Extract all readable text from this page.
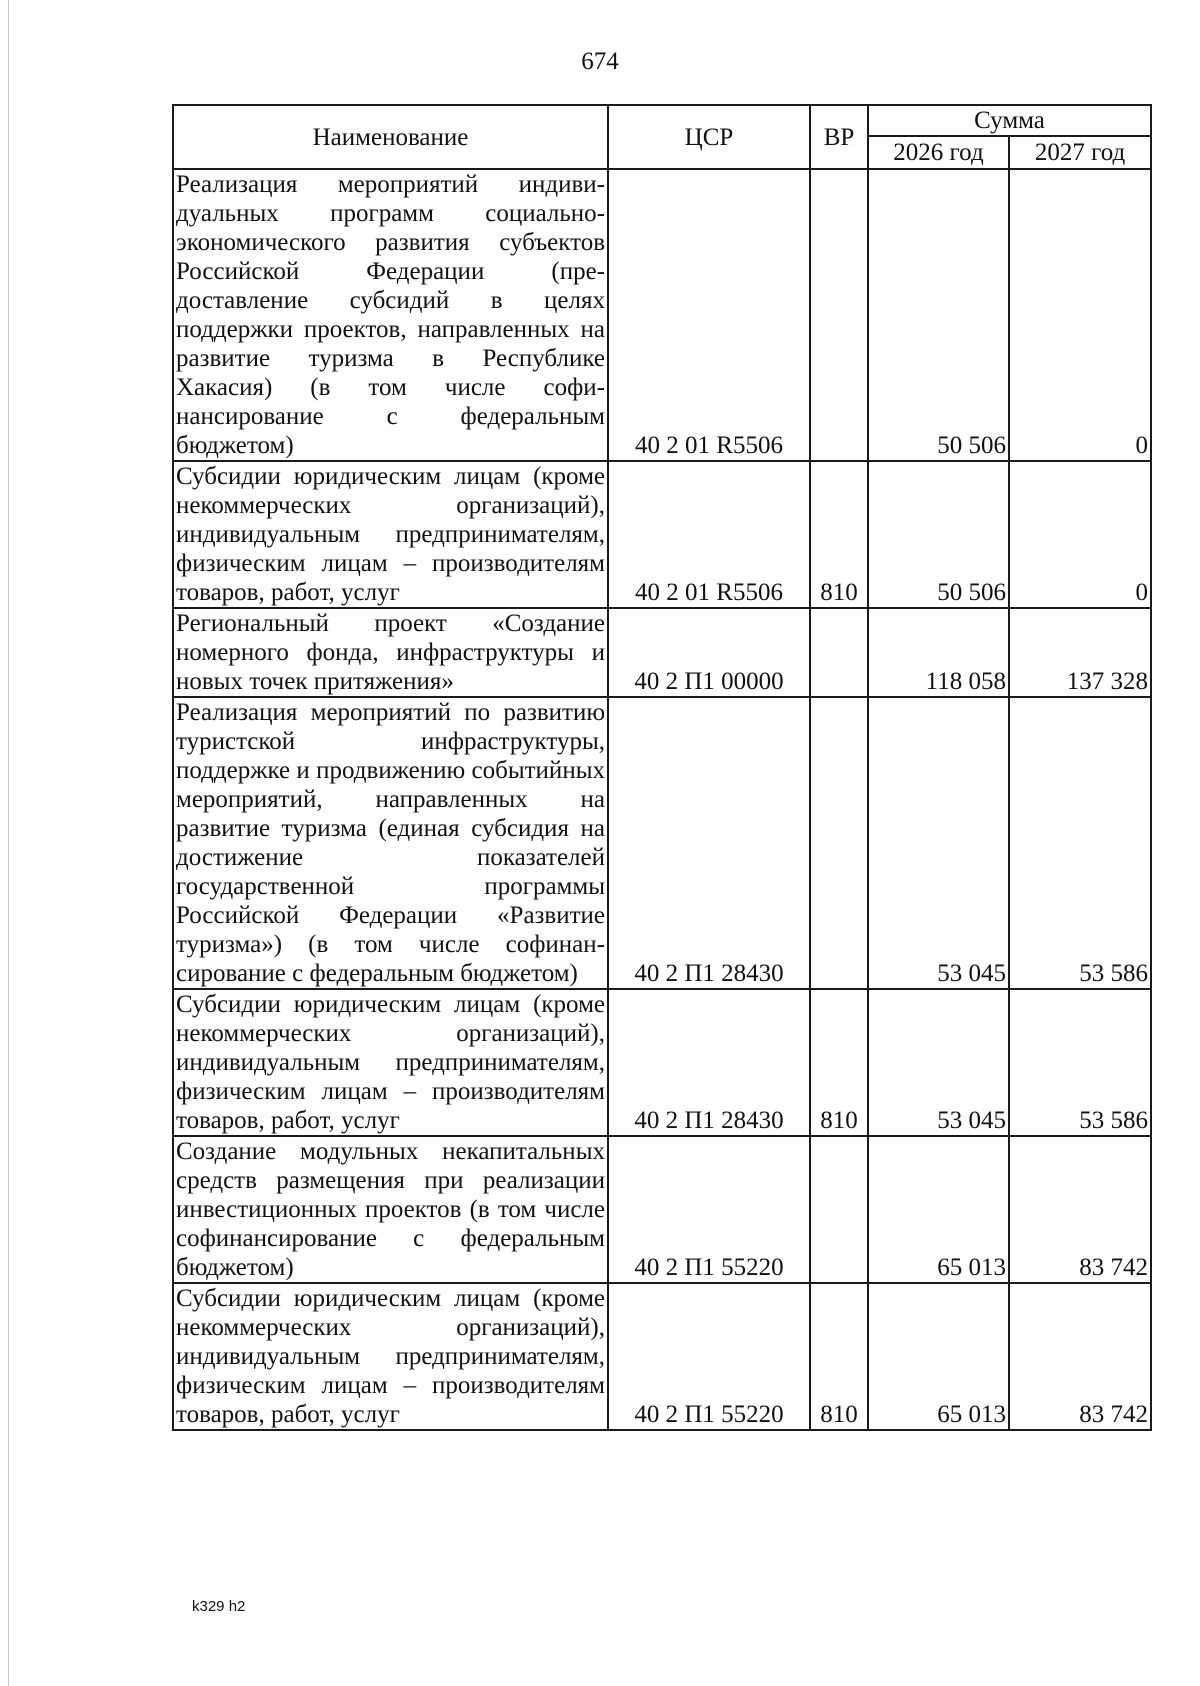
674
Наименование	ЦСР	ВР	Сумма	
			2026 год	2027 год
Реализация мероприятий индивидуальных программ социально-экономического развития субъектов Российской Федерации (предоставление субсидий в целях поддержки проектов, направленных на развитие туризма в Республике Хакасия) (в том числе софинансирование с федеральным бюджетом)	40 2 01 R5506		50 506	0
Субсидии юридическим лицам (кроме некоммерческих организаций), индивидуальным предпринимателям, физическим лицам – производителям товаров, работ, услуг	40 2 01 R5506	810	50 506	0
Региональный проект «Создание номерного фонда, инфраструктуры и новых точек притяжения»	40 2 П1 00000		118 058	137 328
Реализация мероприятий по развитию туристской инфраструктуры, поддержке и продвижению событийных мероприятий, направленных на развитие туризма (единая субсидия на достижение показателей государственной программы Российской Федерации «Развитие туризма») (в том числе софинансирование с федеральным бюджетом)	40 2 П1 28430		53 045	53 586
Субсидии юридическим лицам (кроме некоммерческих организаций), индивидуальным предпринимателям, физическим лицам – производителям товаров, работ, услуг	40 2 П1 28430	810	53 045	53 586
Создание модульных некапитальных средств размещения при реализации инвестиционных проектов (в том числе софинансирование с федеральным бюджетом)	40 2 П1 55220		65 013	83 742
Субсидии юридическим лицам (кроме некоммерческих организаций), индивидуальным предпринимателям, физическим лицам – производителям товаров, работ, услуг	40 2 П1 55220	810	65 013	83 742
k329 h2
